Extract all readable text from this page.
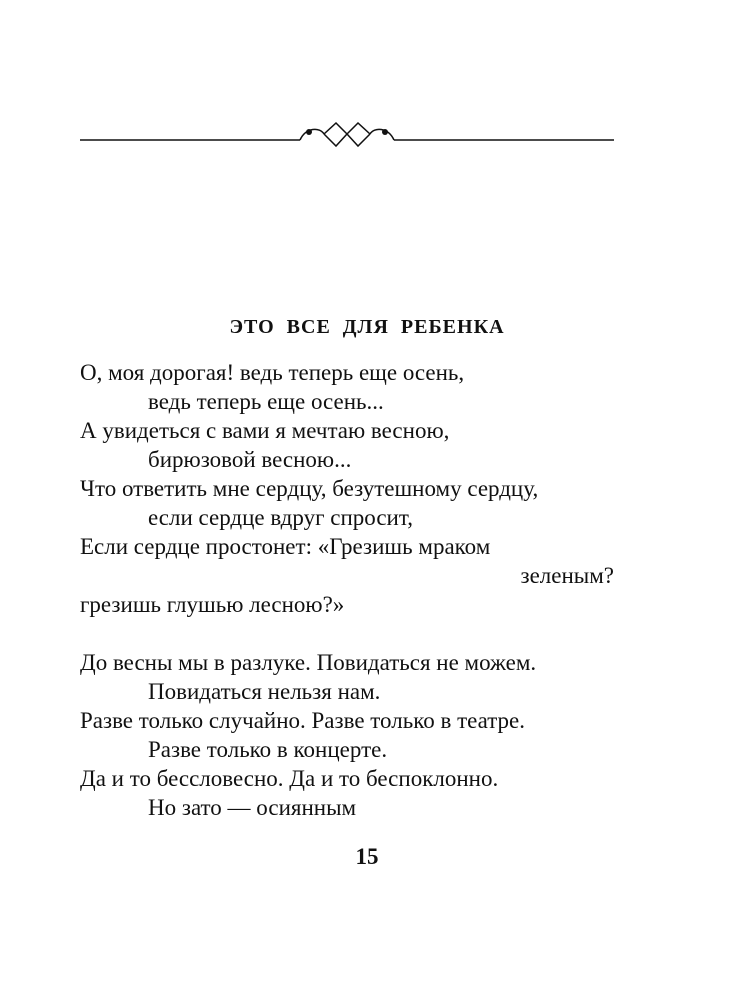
ЭТО ВСЕ ДЛЯ РЕБЕНКА
О, моя дорогая! ведь теперь еще осень,
ведь теперь еще осень...
А увидеться с вами я мечтаю весною,
бирюзовой весною...
Что ответить мне сердцу, безутешному сердцу,
если сердце вдруг спросит,
Если сердце простонет: «Грезишь мраком
зеленым?
грезишь глушью лесною?»
До весны мы в разлуке. Повидаться не можем.
Повидаться нельзя нам.
Разве только случайно. Разве только в театре.
Разве только в концерте.
Да и то бессловесно. Да и то беспоклонно.
Но зато — осиянным
15
